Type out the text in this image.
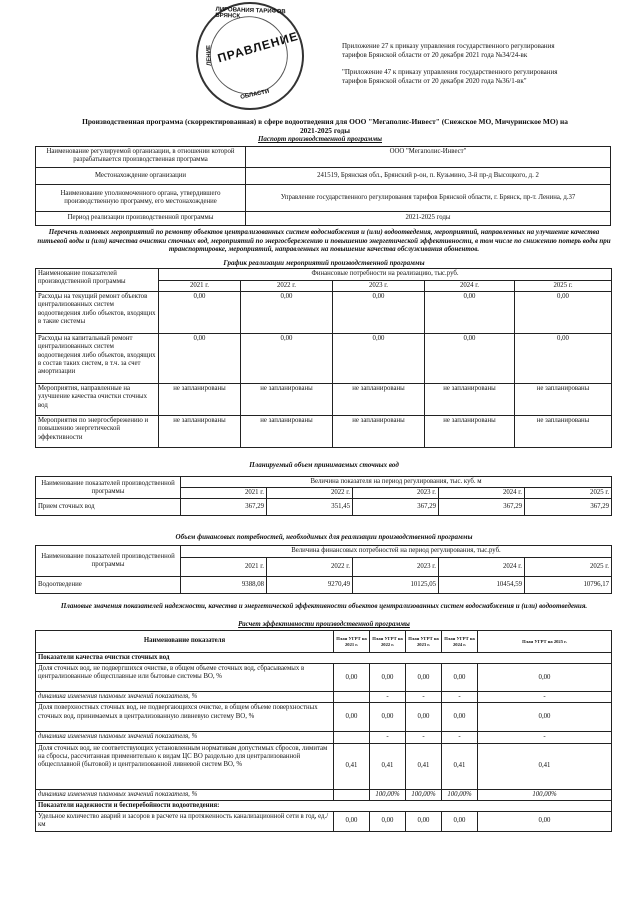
ЛИРОВАНИЯ ТАРИФОВ БРЯНСК
ЛЕНИЕ ПРАВЛЕНИЕ
ОБЛАСТИ
Приложение 27 к приказу управления государственного регулирования
тарифов Брянской области от 20 декабря 2021 года №34/24-вк
"Приложение 47 к приказу управления государственного регулирования
тарифов Брянской области от 20 декабря 2020 года №36/1-вк"
Производственная программа (скорректированная) в сфере водоотведения для ООО "Мегаполис-Инвест" (Снежское МО, Мичуринское МО) на
2021-2025 годы
Паспорт производственной программы
Наименование регулируемой организации, в отношении которой разрабатывается производственная программа	ООО "Мегаполис-Инвест"
Местонахождение организации	241519, Брянская обл., Брянский р-он, п. Кузьмино, 3-й пр-д Высоцкого, д. 2
Наименование уполномоченного органа, утвердившего производственную программу, его местонахождение	Управление государственного регулирования тарифов Брянской области, г. Брянск, пр-т. Ленина, д.37
Период реализации производственной программы	2021-2025 годы
Перечень плановых мероприятий по ремонту объектов централизованных систем водоснабжения и (или) водоотведения, мероприятий, направленных на улучшение качества питьевой воды и (или) качества очистки сточных вод, мероприятий по энергосбережению и повышению энергетической эффективности, в том числе по снижению потерь воды при транспортировке, мероприятий, направленных на повышение качества обслуживания абонентов.
График реализации мероприятий производственной программы
Наименование показателей производственной программы	Финансовые потребности на реализацию, тыс.руб.				
	2021 г.	2022 г.	2023 г.	2024 г.	2025 г.
Расходы на текущий ремонт объектов централизованных систем водоотведения либо объектов, входящих в такие системы	0,00	0,00	0,00	0,00	0,00
Расходы на капитальный ремонт централизованных систем водоотведения либо объектов, входящих в состав таких систем, в т.ч. за счет амортизации	0,00	0,00	0,00	0,00	0,00
Мероприятия, направленные на улучшение качества очистки сточных вод	не запланированы	не запланированы	не запланированы	не запланированы	не запланированы
Мероприятия по энергосбережению и повышению энергетической эффективности	не запланированы	не запланированы	не запланированы	не запланированы	не запланированы
Планируемый объем принимаемых сточных вод
Наименование показателей производственной программы	Величина показателя на период регулирования, тыс. куб. м				
	2021 г.	2022 г.	2023 г.	2024 г.	2025 г.
Прием сточных вод	367,29	351,45	367,29	367,29	367,29
Объем финансовых потребностей, необходимых для реализации производственной программы
Наименование показателей производственной программы	Величина финансовых потребностей на период регулирования, тыс.руб.				
	2021 г.	2022 г.	2023 г.	2024 г.	2025 г.
Водоотведение	9388,08	9270,49	10125,05	10454,59	10796,17
Плановые значения показателей надежности, качества и энергетической эффективности объектов централизованных систем водоснабжения и (или) водоотведения.
Расчет эффективности производственной программы
Наименование показателя	План УГРТ на 2021 г.	План УГРТ на 2022 г.	План УГРТ на 2023 г.	План УГРТ на 2024 г.	План УГРТ на 2025 г.
Показатели качества очистки сточных вод					
Доля сточных вод, не подвергшихся очистке, в общем объеме сточных вод, сбрасываемых в централизованные общесплавные или бытовые системы ВО, %	0,00	0,00	0,00	0,00	0,00
динамика изменения плановых значений показателя, %		-	-	-	-
Доля поверхностных сточных вод, не подвергающихся очистке, в общем объеме поверхностных сточных вод, принимаемых в централизованную ливневую систему ВО, %	0,00	0,00	0,00	0,00	0,00
динамика изменения плановых значений показателя, %		-	-	-	-
Доля сточных вод, не соответствующих установленным нормативам допустимых сбросов, лимитам на сбросы, рассчитанная применительно к видам ЦС ВО раздельно для централизованной общесплавной (бытовой) и централизованной ливневой систем ВО, %	0,41	0,41	0,41	0,41	0,41
динамика изменения плановых значений показателя, %		100,00%	100,00%	100,00%	100,00%
Показатели надежности и бесперебойности водоотведения:					
Удельное количество аварий и засоров в расчете на протяженность канализационной сети в год, ед./км	0,00	0,00	0,00	0,00	0,00
